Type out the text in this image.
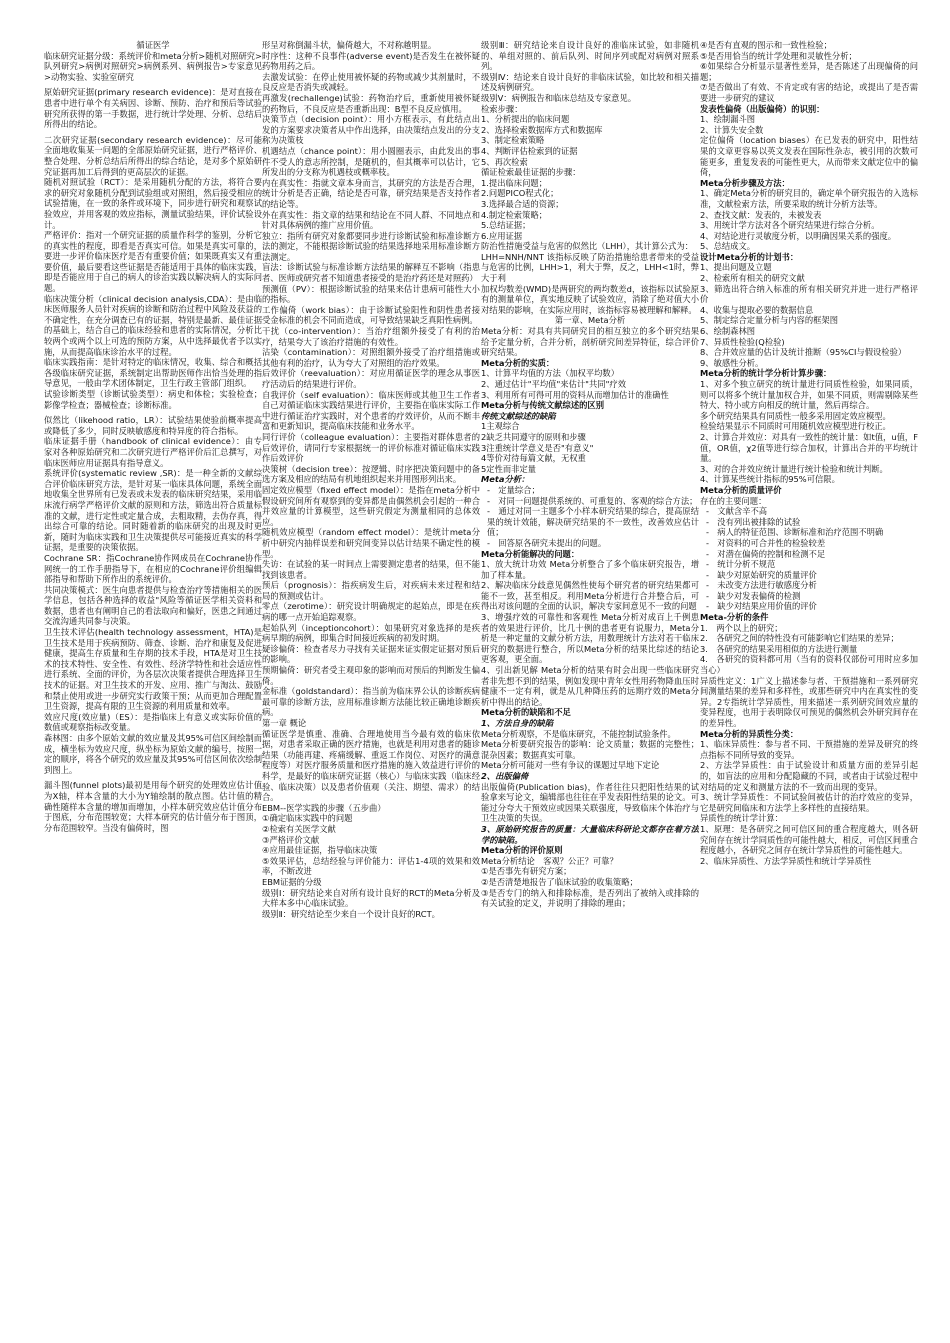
循证医学

临床研究证据分级：系统评价和meta分析>随机对照研究>队列研究>病例对照研究>病例系列、病例报告>专家意见>动物实验、实验室研究

原始研究证据(primary research evidence)：是对直接在患者中进行单个有关病因、诊断、预防、治疗和预后等试验研究所获得的第一手数据，进行统计学处理、分析、总结后所得出的结论。

二次研究证据(secondary research evidence)：尽可能全面地收集某一问题的全部原始研究证据，进行严格评价、整合处理、分析总结后所得出的综合结论，是对多个原始研究证据再加工后得到的更高层次的证据。

随机对照试验（RCT）：是采用随机分配的方法，将符合要求的研究对象随机分配到试验组或对照组，然后接受相应的试验措施，在一致的条件或环境下，同步进行研究和观察试验效应，并用客观的效应指标，测量试验结果，评价试验设计。

严格评价：指对一个研究证据的质量作科学的鉴别，分析它的真实性的程度，即看是否真实可信。如果是真实可靠的，要进一步评价临床医疗是否有重要价值；如果既真实又有重要价值，最后要看这些证据是否能适用于具体的临床实践，即是否能应用于自己的病人的诊治实践以解决病人的实际问题。

临床决策分析（clinical decision analysis,CDA）：是由临床医师服务人员针对疾病的诊断和防治过程中风险及获益的不确定性，在充分调查已有的证据，特别是最新、最佳证据的基础上，结合自己的临床经验和患者的实际情况，分析比较两个或两个以上可选的预防方案，从中选择最优者予以实施，从而提高临床诊治水平的过程。

临床实践指南：是针对特定的临床情况，收集、综合和概括各级临床研究证据，系统制定出帮助医师作出恰当处理的指导意见，一般由学术团体制定，卫生行政主管部门组织。

试验诊断类型（诊断试验类型）：病史和体检；实验检查；影像学检查；器械检查；诊断标准。

似然比（likehood ratio，LR）：试验结果使验前概率提高或降低了多少，同时反映敏感度和特异度的符合指标。

临床证据手册（handbook of clinical evidence）：由专家对各种原始研究和二次研究进行严格评价后汇总撰写，对临床医师应用证据具有指导意义。

系统评价(systematic review ,SR)：是一种全新的文献综合评价临床研究方法，是针对某一临床具体问题，系统全面地收集全世界所有已发表或未发表的临床研究结果，采用临床流行病学严格评价文献的原则和方法，筛选出符合质量标准的文献，进行定性或定量合成，去粗取精，去伪存真，得出综合可靠的结论。同时随着新的临床研究的出现及时更新，随时为临床实践和卫生决策提供尽可能接近真实的科学证据，是重要的决策依据。

Cochrane SR：指Cochrane协作网成员在Cochrane协作网统一的工作手册指导下，在相应的Cochrane评价组编辑部指导和帮助下所作出的系统评价。

共同决策模式：医生向患者提供与检查治疗等措施相关的医学信息，包括各种选择的收益"风险等循证医学相关资料和数据，患者也有阐明自己的看法取向和偏好，医患之间通过交流沟通共同参与决策。

卫生技术评估(health technology assessment，HTA)是卫生技术是用于疾病预防、筛查、诊断、治疗和康复及促进健康，提高生存质量和生存期的技术手段，HTA是对卫生技术的技术特性、安全性、有效性、经济学特性和社会适应性进行系统、全面的评价，为各层次决策者提供合理选择卫生技术的证据。对卫生技术的开发、应用、推广与淘汰、鼓励和禁止使用或进一步研究实行政策干预；从而更加合理配置卫生资源，提高有限的卫生资源的利用质量和效率。

效应尺度(效应量)（ES）：是指临床上有意义或实际价值的数值或观察指标改变量。

森林图：由多个原始文献的效应量及其95%可信区间绘制而成，横坐标为效应尺度，纵坐标为原始文献的编号，按照一定的顺序，将各个研究的效应量及其95%可信区间依次绘制到图上。

漏斗图(funnel plots)最初是用每个研究的处理效应估计值为X轴，样本含量的大小为Y轴绘制的散点图。估计值的精确性随样本含量的增加而增加，小样本研究效应估计值分布于图底，分布范围较宽；大样本研究的估计值分布于图顶，分布范围较窄。当没有偏倚时，图

形呈对称倒漏斗状，偏倚越大，不对称越明显。

时序性：这种不良事件(adverse event)是否发生在被怀疑药物用药之后。

去激发试验：在停止使用被怀疑的药物或减少其剂量时，不良反应是否消失或减轻。

再激发(rechallenge)试验：药物治疗后，重新使用被怀疑的药物后，不良反应是否重新出现：B型不良反应慎用。

决策节点（decision point）：用小方框表示，有此结点出发的方案要求决策者从中作出选择，由决策结点发出的分支称为决策枝

机遇结点（chance point）：用小圆圈表示，由此发出的事件不受人的意志所控制，是随机的，但其概率可以估计，它所发出的分支称为机遇枝或概率枝。

内在真实性：指就文章本身而言，其研究的方法是否合理，统计分析是否正确，结论是否可靠，研究结果是否支持作者的结论等。

外在真实性：指文章的结果和结论在不同人群、不同地点和针对具体病例的推广应用价值。

独立：指所有研究对象都要同步进行诊断试验和标准诊断方法的测定，不能根据诊断试验的结果选择地采用标准诊断方法测定。

盲法：诊断试验与标准诊断方法结果的解释互不影响（指患者、医师或研究者不知道患者接受的是治疗药还是对照药）

预测值（PV）：根据诊断试验的结果来估计患病可能性大小的指标。

工作偏倚（work bias）：由于诊断试验阳性和阴性患者接受金标准的机会不同而造成，可导致结果缺乏真阳性病例。

干扰（co-intervention）：当治疗组额外接受了有利的治疗，结果夸大了该治疗措施的有效性。

沾染（contamination）：对照组额外接受了治疗组措施或其他有利的治疗，认为夸大了对照组的治疗效果。

后效评价（reevaluation）：对应用循证医学的理念从事医疗活动后的结果进行评价。

自我评价（self evaluation）：临床医师或其他卫生工作者自己对循证临床实践结果进行评价，主要指在临床实际工作中进行循证治疗实践时，对个患者的疗效评价，从而不断丰富和更新知识，提高临床技能和业务水平。

同行评价（colleague evaluation）：主要指对群体患者的后效评价，请同行专家根据统一的评价标准对循证临床实践作后效评价

决策树（decision tree）：按逻辑、时序把决策问题中的备选方案及相应的结局有机地组织起来并用图形列出来。

固定效应模型（fixed effect model）：是指在meta分析中假设研究间所有观察到的变异都是由偶然机会引起的一种合并效应量的计算模型，这些研究假定为测量相同的总体效应。

随机效应模型（random effect model）：是统计meta分析中研究内抽样误差和研究间变异以估计结果不确定性的模型。

失访：在试验的某一时间点上需要测定患者的结果，但不能找到该患者。

预后（prognosis）：指疾病发生后，对疾病未来过程和结局的预测或估计。

零点（zerotime）：研究设计明确规定的起始点，即是在疾病的哪一点开始追踪观察。

起始队列（inceptioncohort）：如果研究对象选择的是疾病早期的病例，即集合时间接近疾病的初发时期。

疑诊偏倚：检查者尽力寻找有关证据来证实假定证据对预后的影响。

预期偏倚：研究者受主观印象的影响而对预后的判断发生偏倚。

金标准（goldstandard）：指当前为临床界公认的诊断疾病最可靠的诊断方法，应用标准诊断方法能比较正确地诊断疾病。

第一章 概论

循证医学是慎重、准确、合理地使用当今最有效的临床依据，对患者采取正确的医疗措施，也就是利用对患者的随诊结果（功能再建、疼痛缓解、重返工作岗位、对医疗的满意程度等）对医疗服务质量和医疗措施的施入效益进行评价的科学，是最好的临床研究证据（核心）与临床实践（临床经验、临床决策）以及患者价值观（关注、期望、需求）的结合。

EBM--医学实践的步骤（五步曲）

①确定临床实践中的问题

②检索有关医学文献

③严格评价文献

④应用最佳证据，指导临床决策

⑤效果评估，总结经验与评价能力：评估1-4项的效果和效率，不断改进

EBM证据的分级

级别Ⅰ：研究结论来自对所有设计良好的RCT的Meta分析及大样本多中心临床试验。

级别Ⅱ：研究结论至少来自一个设计良好的RCT。

级别Ⅲ：研究结论来自设计良好的准临床试验，如非随机的、单组对照的、前后队列、时间序列或配对病例对照系列。

级别Ⅳ：结论来自设计良好的非临床试验，如比较和相关描述及病例研究。

级别Ⅴ：病例报告和临床总结及专家意见。

检索步骤：

1、分析提出的临床问题

2、选择检索数据库方式和数据库

3、制定检索策略

4、判断评估检索到的证据

5、再次检索

循证检索最佳证据的步骤：

1.提出临床问题；

2.问题PICO程式化；

3.选择最合适的资源；

4.制定检索策略；

5.总结证据；

6.应用证据

防治性措施受益与危害的似然比（LHH），其计算公式为：

LHH=NNH/NNT 该指标反映了防治措施给患者带来的受益与危害的比例，LHH>1，利大于弊，反之，LHH<1时，弊大于利

加权均数差(WMD)是两研究的两均数差d，该指标以试验原有的测量单位，真实地反映了试验效应，消除了绝对值大小对结果的影响，在实际应用时，该指标容易被理解和解释。

第一章、Meta分析

Meta分析：对具有共同研究目的相互独立的多个研究结果给予定量分析，合并分析，剖析研究间差异特征，综合评价研究结果。

Meta分析的实质：

1、计算平均值的方法（加权平均数）

2、通过估计"平均值"来估计"共同"疗效

3、利用所有可得可用的资料从而增加估计的准确性

Meta分析与传统文献综述的区别

传统文献综述的缺陷

1主观综合

2缺乏共同遵守的原则和步骤

3注重统计学意义是否"有意义"

4等价对待每篇文献，无权重

5定性而非定量

Meta分析：

-　定量综合；

-　对同一问题提供系统的、可重复的、客观的综合方法；

-　通过对同一主题多个小样本研究结果的综合，提高原结果的统计效能，解决研究结果的不一致性，改善效应估计值；

-　回答原各研究未提出的问题。

Meta分析能解决的问题：

1、放大统计功效 Meta分析整合了多个临床研究报告，增加了样本量。

2、解决临床分歧意见偶然性使每个研究者的研究结果都可能不一致，甚至相反。利用Meta分析进行合并整合后，可得出对该问题的全面的认识，解决专家间意见不一致的问题

3、增强疗效的可靠性和客观性 Meta分析对成百上千例患者的效果进行评价，比几十例的患者更有说服力，Meta分析是一种定量的文献分析方法，用数理统计方法对若干临床研究的数据进行整合，所以Meta分析的结果比综述的结论更客观，更全面。

4、引出新见解 Meta分析的结果有时会出现一些临床研究者非先想不到的结果，例如发现中青年女性用药物降血压时健康不一定有利，就是从几种降压药的远期疗效的Meta分析中得出的结论。

Meta分析的缺陷和不足

1、方法自身的缺陷

Meta分析观察，不是临床研究，不能控制试验条件。

Meta分析要研究报告的影响：论文质量；数据的完整性；混杂因素；数据真实可靠。

Meta分析可能对一些有争议的课题过早地下定论

2、出版偏倚

出版偏倚(Publication bias)，作者往往只把阳性结果的试验拿来写论文，编辑部也往往在乎发表阳性结果的论文。可能过分夸大干预效应或因果关联强度，导致临床个体治疗与卫生决策的失误。

3、原始研究报告的质量：大量临床科研论文都存在着方法学的缺陷。

Meta分析的评价原则

Meta分析结论　客观？公正？可靠？

①是否事先有研究方案；

②是否清楚地报告了临床试验的收集策略；

③是否专门的纳入和排除标准，是否列出了被纳入或排除的有关试验的定义，并说明了排除的理由；

④是否有直观的图示和一致性检验；

⑤是否用恰当的统计学处理和灵敏性分析；

⑥如果综合分析显示显著性差异，是否陈述了出现偏倚的问题；

⑦是否做出了有效、不肯定或有害的结论，或提出了是否需要进一步研究的建议

发表性偏倚（出版偏倚）的识别：

1、绘制漏斗图

2、计算失安全数

定位偏倚（location biases）在已发表的研究中，阳性结果的文章更容易以英文发表在国际性杂志，被引用的次数可能更多，重复发表的可能性更大，从而带来文献定位中的偏倚，

Meta分析步骤及方法：

1、确定Meta分析的研究目的，确定单个研究报告的入选标准，文献检索方法，所要采取的统计分析方法等。

2、查找文献：发表的，未被发表

3、用统计学方法对各个研究结果进行综合分析。

4、对结论进行灵敏度分析，以明确因果关系的强度。

5、总结成文。

设计Meta分析的计划书：

1、提出问题及立题

2、检索所有相关的研究文献

3、筛选出符合纳入标准的所有相关研究并进一进行严格评价

4、收集与提取必要的数据信息

5、制定综合定量分析与内容的框架图

6、绘制森林图

7、异质性检验(Q检验)

8、合并效应量的估计及统计推断（95%CI与假设检验）

9、敏感性分析。

Meta分析的统计学分析计算步骤：

1、对多个独立研究的统计量进行同质性检验，如果同质，则可以将多个统计量加权合并，如果不同质，则需剔除某些特大、特小或方向相反的统计量，然后再综合。

多个研究结果具有同质性一般多采用固定效应模型。

检验结果显示不同质时可用随机效应模型进行校正。

2、计算合并效应：对具有一致性的统计量：如t值，u值，F值，OR值，χ2值等进行综合加权，计算出合并的平均统计量。

3、对的合并效应统计量进行统计检验和统计判断。

4、计算某些统计指标的95%可信限。

Meta分析的质量评价

存在的主要问题：

-　文献含辛不高

-　没有列出被排除的试验

-　病人的特征范围、诊断标准和治疗范围不明确

-　对资料的可合并性的检验较差

-　对潜在偏倚的控制和检测不足

-　统计分析不规范

-　缺少对原始研究的质量评价

-　未改变方法进行敏感度分析

-　缺少对发表偏倚的检测

-　缺少对结果应用价值的评价

Meta-分析的条件

1.　两个以上的研究；

2.　各研究之间的特性没有可能影响它们结果的差异；

3.　各研究的结果采用相似的方法进行测量

4.　各研究的资料都可用（当有的资料仅部份可用时应多加当心）

异质性定义：1广义上描述参与者、干预措施和一系列研究间测量结果的差异和多样性，或那些研究中内在真实性的变异。2专指统计学异质性，用来描述一系列研究间效应量的变异程度，也用于表明除仅可预见的偶然机会外研究间存在的差异性。

Meta分析的异质性分类：

1、临床异质性：参与者不同、干预措施的差异及研究的终点指标不同所导致的变异。

2、方法学异质性：由于试验设计和质量方面的差异引起的，如盲法的应用和分配隐藏的不同，或者由于试验过程中对结局的定义和测量方法的不一致而出现的变异。

3、统计学异质性：不同试验间被估计的治疗效应的变异，它是研究间临床和方法学上多样性的直接结果。

异质性的统计学计算：

1、原理：是各研究之间可信区间的重合程度越大，则各研究间存在统计学同质性的可能性越大，相反，可信区间重合程度越小，各研究之间存在统计学异质性的可能性越大。

2、临床异质性、方法学异质性和统计学异质性
